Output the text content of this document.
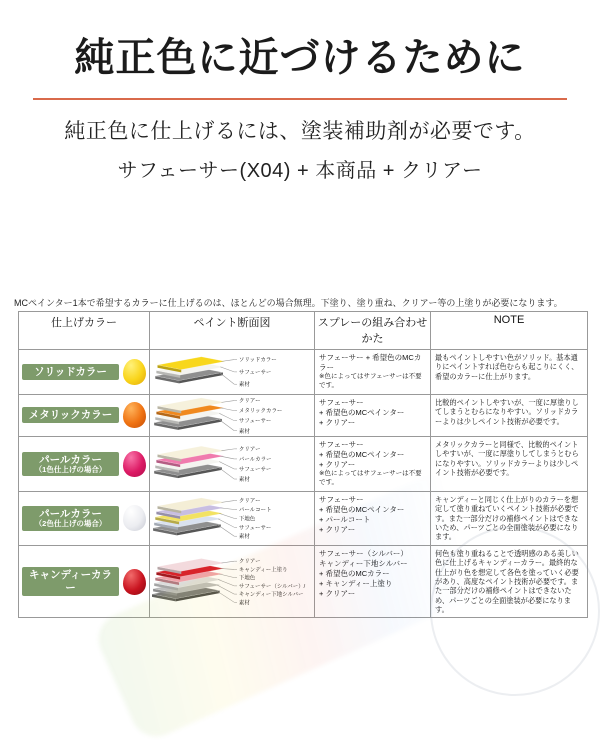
純正色に近づけるために

純正色に仕上げるには、塗装補助剤が必要です。

サフェーサー(X04) + 本商品 + クリアー

MCペインター1本で希望するカラーに仕上げるのは、ほとんどの場合無理。下塗り、塗り重ね、クリアー等の上塗りが必要になります。

仕上げカラー	ペイント断面図	スプレーの組み合わせかた
NOTE
ソリッドカラー
ソリッドカラー
サフェーサー
素材
サフェーサー + 希望色のMCカラー
※色によってはサフェーサーは不要です。
最もペイントしやすい色がソリッド。基本通りにペイントすれば色むらも起こりにくく、希望のカラーに仕上がります。
メタリックカラー
クリアー
メタリックカラー
サフェーサー
素材
サフェーサー
+ 希望色のMCペインター
+ クリアー
比較的ペイントしやすいが、一度に厚塗りしてしまうとむらになりやすい。ソリッドカラーよりは少しペイント技術が必要です。
パールカラー
（1色仕上げの場合）
クリアー
パールカラー
サフェーサー
素材
サフェーサー
+ 希望色のMCペインター
+ クリアー
※色によってはサフェーサーは不要です。
メタリックカラーと同様で、比較的ペイントしやすいが、一度に厚塗りしてしまうとむらになりやすい。ソリッドカラーよりは少しペイント技術が必要です。
パールカラー
（2色仕上げの場合）
クリアー
パールコート
下地色
サフェーサー
素材
サフェーサー
+ 希望色のMCペインター
+ パールコート
+ クリアー
キャンディーと同じく仕上がりのカラーを想定して塗り重ねていくペイント技術が必要です。また一部分だけの補修ペイントはできないため、パーツごとの全面塗装が必要になります。
キャンディーカラー
クリアー
キャンディー上塗り
下地色
サフェーサー（シルバー）/
キャンディー下地シルバー
素材
サフェーサー（シルバー）
キャンディー下地シルバー
+ 希望色のMCカラー
+ キャンディー上塗り
+ クリアー
何色も塗り重ねることで透明感のある美しい色に仕上げるキャンディーカラー。最終的な仕上がり色を想定して各色を塗っていく必要があり、高度なペイント技術が必要です。また一部分だけの補修ペイントはできないため、パーツごとの全面塗装が必要になります。
